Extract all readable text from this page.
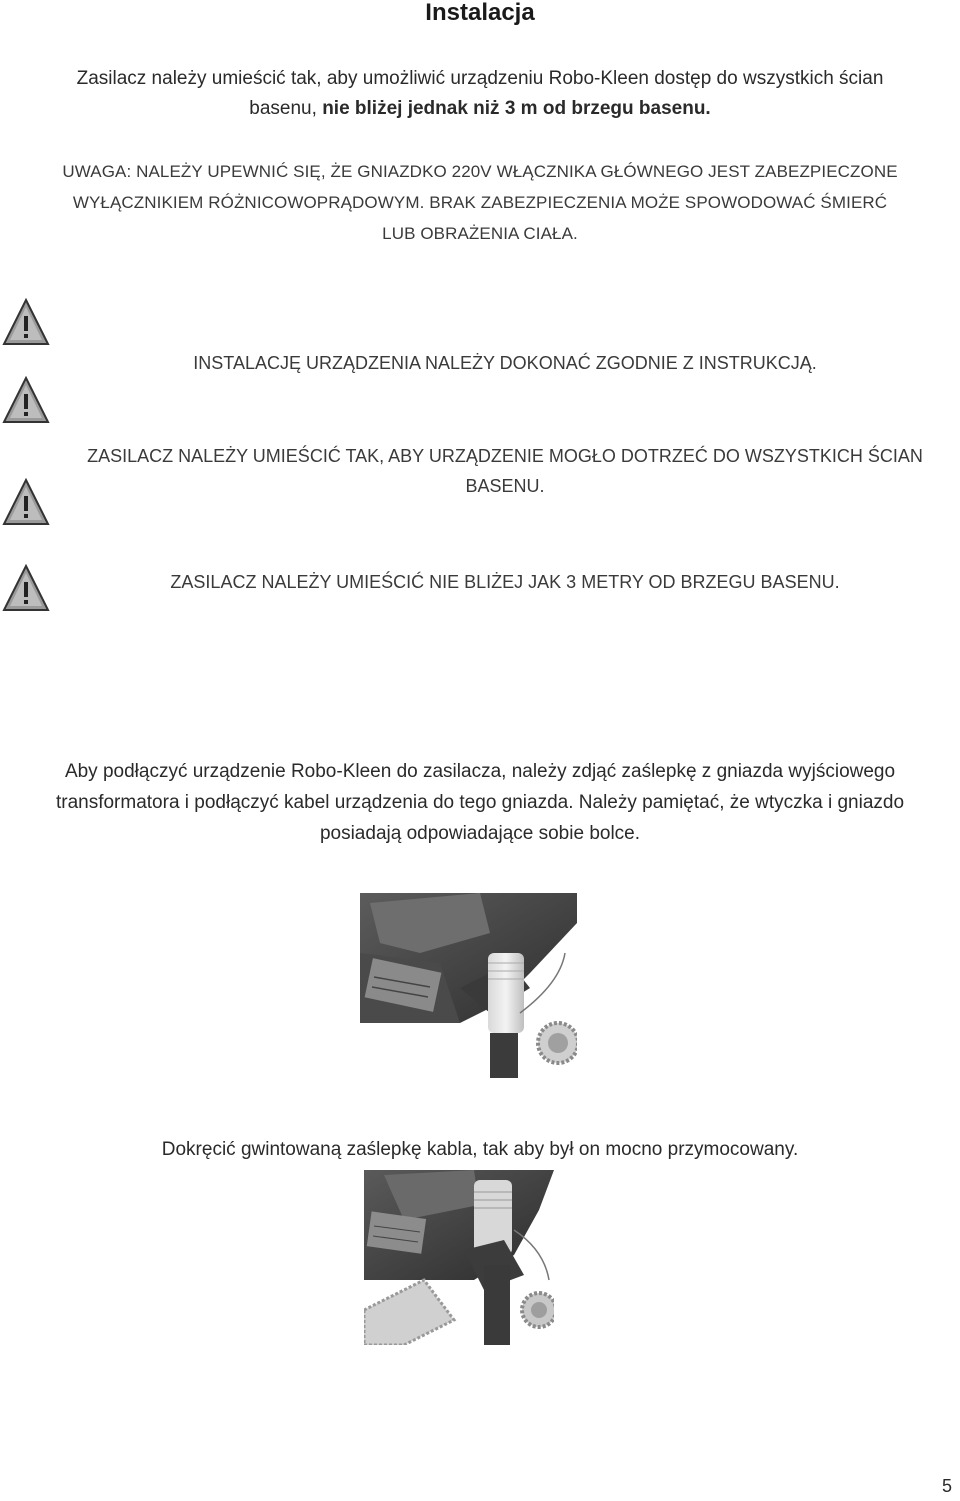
Instalacja
Zasilacz należy umieścić tak, aby umożliwić urządzeniu Robo-Kleen dostęp do wszystkich ścian
basenu, nie bliżej jednak niż 3 m od brzegu basenu.
UWAGA: NALEŻY UPEWNIĆ SIĘ, ŻE GNIAZDKO 220V WŁĄCZNIKA GŁÓWNEGO JEST ZABEZPIECZONE
WYŁĄCZNIKIEM RÓŻNICOWOPRĄDOWYM. BRAK ZABEZPIECZENIA MOŻE SPOWODOWAĆ ŚMIERĆ
LUB OBRAŻENIA CIAŁA.
INSTALACJĘ URZĄDZENIA NALEŻY DOKONAĆ ZGODNIE Z INSTRUKCJĄ.
ZASILACZ NALEŻY UMIEŚCIĆ TAK, ABY URZĄDZENIE MOGŁO DOTRZEĆ DO WSZYSTKICH ŚCIAN
BASENU.
ZASILACZ NALEŻY UMIEŚCIĆ NIE BLIŻEJ JAK 3 METRY OD BRZEGU BASENU.
Aby podłączyć urządzenie Robo-Kleen do zasilacza, należy zdjąć zaślepkę z gniazda wyjściowego
transformatora i podłączyć kabel urządzenia do tego gniazda. Należy pamiętać, że wtyczka i gniazdo
posiadają odpowiadające sobie bolce.
Dokręcić gwintowaną zaślepkę kabla, tak aby był on mocno przymocowany.
5
